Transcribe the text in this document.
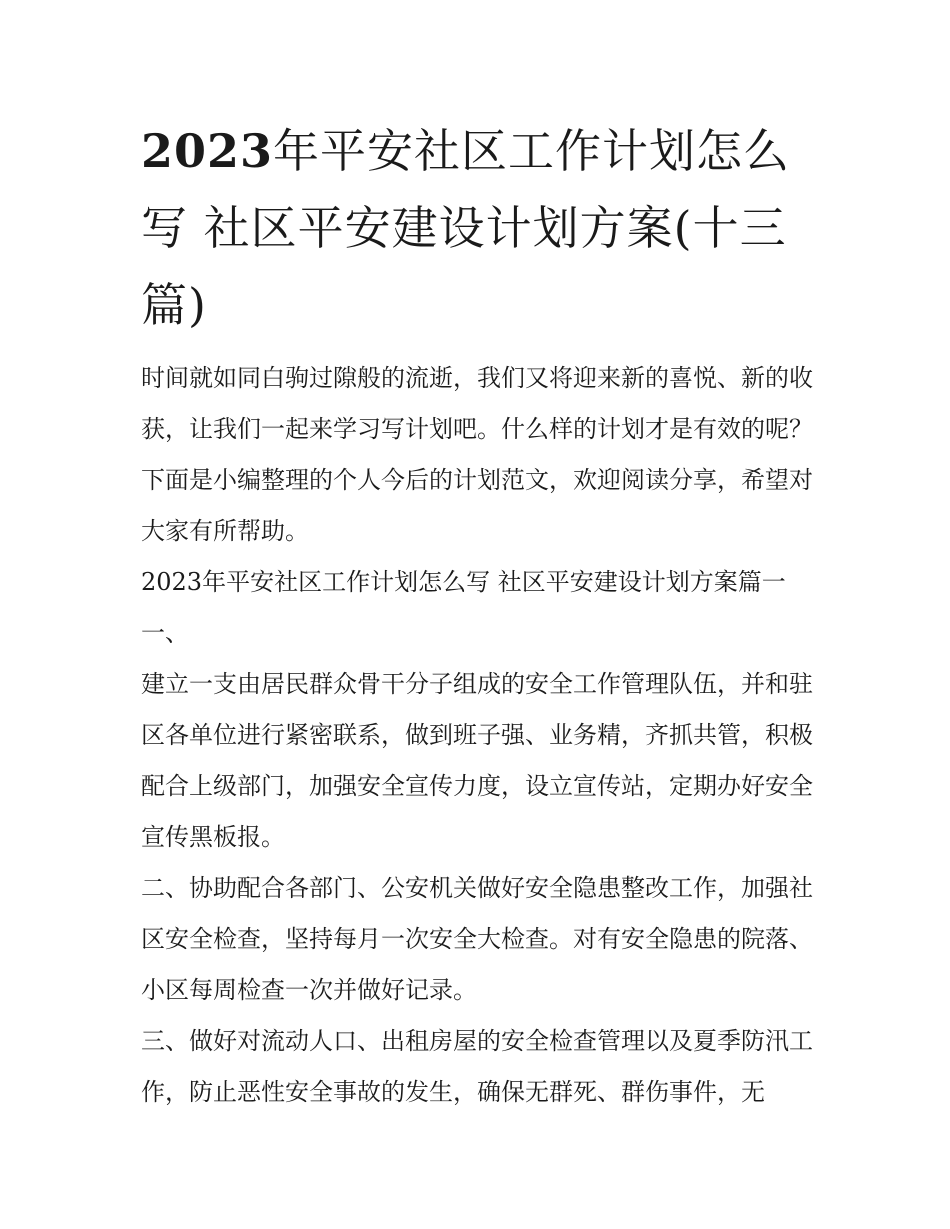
2023年平安社区工作计划怎么写 社区平安建设计划方案(十三篇)

时间就如同白驹过隙般的流逝，我们又将迎来新的喜悦、新的收获，让我们一起来学习写计划吧。什么样的计划才是有效的呢？下面是小编整理的个人今后的计划范文，欢迎阅读分享，希望对大家有所帮助。

2023年平安社区工作计划怎么写 社区平安建设计划方案篇一

一、

建立一支由居民群众骨干分子组成的安全工作管理队伍，并和驻区各单位进行紧密联系，做到班子强、业务精，齐抓共管，积极配合上级部门，加强安全宣传力度，设立宣传站，定期办好安全宣传黑板报。

二、协助配合各部门、公安机关做好安全隐患整改工作，加强社区安全检查，坚持每月一次安全大检查。对有安全隐患的院落、小区每周检查一次并做好记录。

三、做好对流动人口、出租房屋的安全检查管理以及夏季防汛工作，防止恶性安全事故的发生，确保无群死、群伤事件，无
